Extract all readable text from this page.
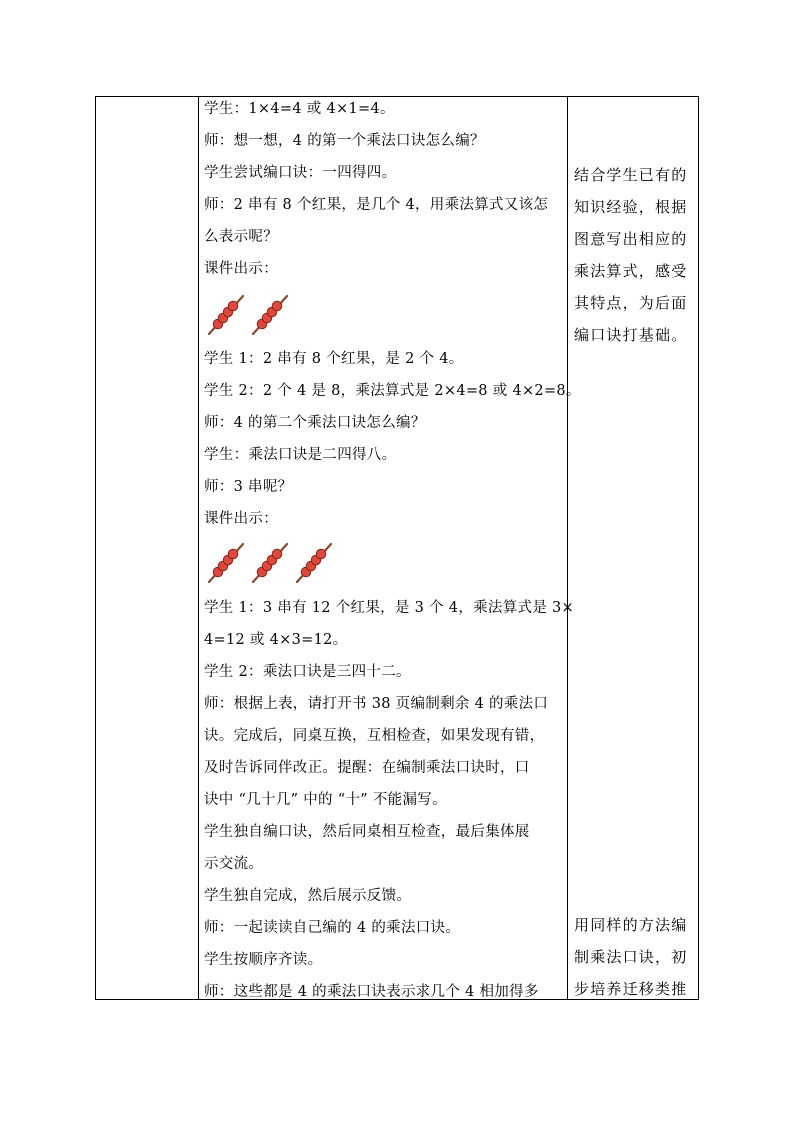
学生：1×4=4 或 4×1=4。
师：想一想，4 的第一个乘法口诀怎么编？
学生尝试编口诀：一四得四。
师：2 串有 8 个红果，是几个 4，用乘法算式又该怎
么表示呢？
课件出示：
学生 1：2 串有 8 个红果，是 2 个 4。
学生 2：2 个 4 是 8，乘法算式是 2×4=8 或 4×2=8。
师：4 的第二个乘法口诀怎么编？
学生：乘法口诀是二四得八。
师：3 串呢？
课件出示：
学生 1：3 串有 12 个红果，是 3 个 4，乘法算式是 3×
4=12 或 4×3=12。
学生 2：乘法口诀是三四十二。
师：根据上表，请打开书 38 页编制剩余 4 的乘法口
诀。完成后，同桌互换，互相检查，如果发现有错，
及时告诉同伴改正。提醒：在编制乘法口诀时，口
诀中 “几十几” 中的 “十” 不能漏写。
学生独自编口诀，然后同桌相互检查，最后集体展
示交流。
学生独自完成，然后展示反馈。
师：一起读读自己编的 4 的乘法口诀。
学生按顺序齐读。
师：这些都是 4 的乘法口诀表示求几个 4 相加得多
结合学生已有的
知识经验，根据
图意写出相应的
乘法算式，感受
其特点，为后面
编口诀打基础。
用同样的方法编
制乘法口诀，初
步培养迁移类推
